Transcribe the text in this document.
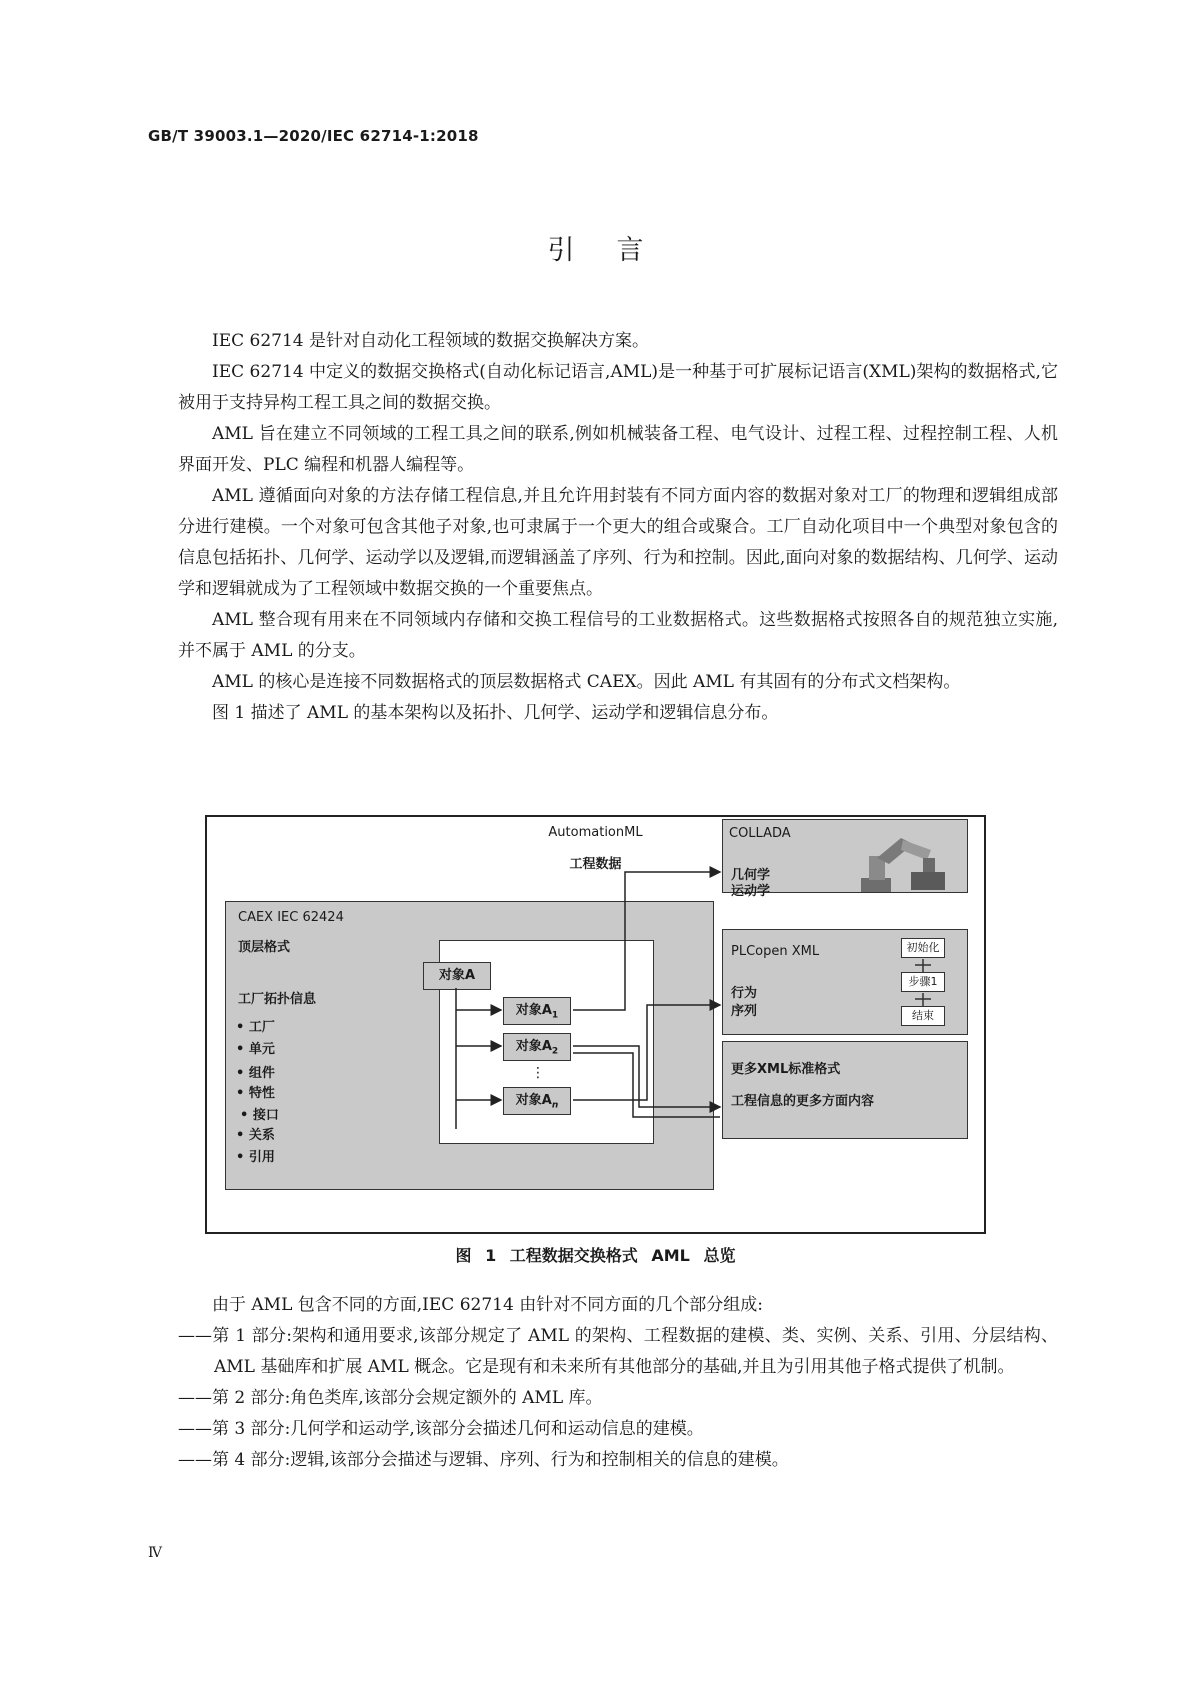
GB/T 39003.1—2020/IEC 62714-1:2018
引言

IEC 62714 是针对自动化工程领域的数据交换解决方案。

IEC 62714 中定义的数据交换格式(自动化标记语言,AML)是一种基于可扩展标记语言(XML)架构的数据格式,它被用于支持异构工程工具之间的数据交换。

AML 旨在建立不同领域的工程工具之间的联系,例如机械装备工程、电气设计、过程工程、过程控制工程、人机界面开发、PLC 编程和机器人编程等。

AML 遵循面向对象的方法存储工程信息,并且允许用封装有不同方面内容的数据对象对工厂的物理和逻辑组成部分进行建模。一个对象可包含其他子对象,也可隶属于一个更大的组合或聚合。工厂自动化项目中一个典型对象包含的信息包括拓扑、几何学、运动学以及逻辑,而逻辑涵盖了序列、行为和控制。因此,面向对象的数据结构、几何学、运动学和逻辑就成为了工程领域中数据交换的一个重要焦点。

AML 整合现有用来在不同领域内存储和交换工程信号的工业数据格式。这些数据格式按照各自的规范独立实施,并不属于 AML 的分支。

AML 的核心是连接不同数据格式的顶层数据格式 CAEX。因此 AML 有其固有的分布式文档架构。

图 1 描述了 AML 的基本架构以及拓扑、几何学、运动学和逻辑信息分布。

AutomationML
工程数据
CAEX IEC 62424
顶层格式
工厂拓扑信息
• 工厂
• 单元
• 组件
• 特性
• 接口
• 关系
• 引用
对象A
对象$A_1$
对象$A_2$
⋮
对象$A_n$
COLLADA
几何学
运动学
PLCopen XML
行为
序列
初始化
步骤1
结束
更多XML标准格式
工程信息的更多方面内容
图 1 工程数据交换格式 AML 总览

由于 AML 包含不同的方面,IEC 62714 由针对不同方面的几个部分组成:

——第 1 部分:架构和通用要求,该部分规定了 AML 的架构、工程数据的建模、类、实例、关系、引用、分层结构、AML 基础库和扩展 AML 概念。它是现有和未来所有其他部分的基础,并且为引用其他子格式提供了机制。

——第 2 部分:角色类库,该部分会规定额外的 AML 库。

——第 3 部分:几何学和运动学,该部分会描述几何和运动信息的建模。

——第 4 部分:逻辑,该部分会描述与逻辑、序列、行为和控制相关的信息的建模。

Ⅳ
